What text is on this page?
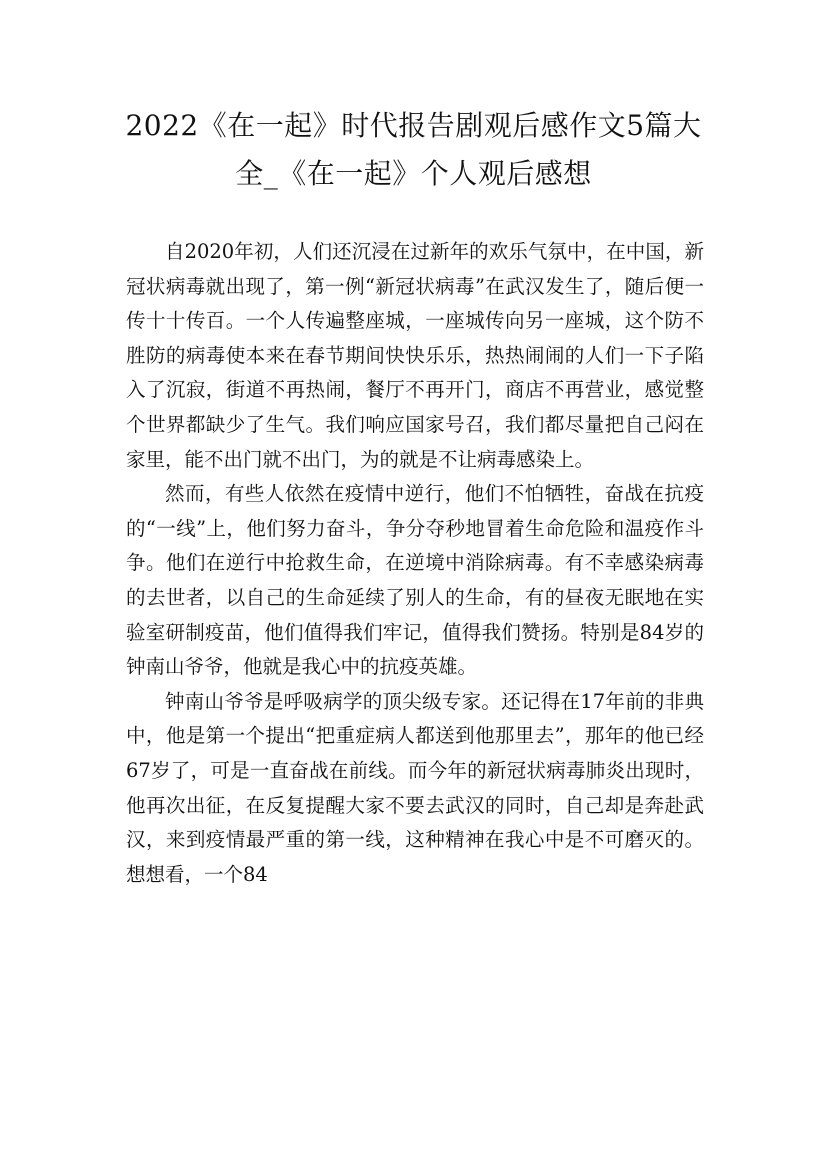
2022《在一起》时代报告剧观后感作文5篇大全_《在一起》个人观后感想

自2020年初，人们还沉浸在过新年的欢乐气氛中，在中国，新冠状病毒就出现了，第一例“新冠状病毒”在武汉发生了，随后便一传十十传百。一个人传遍整座城，一座城传向另一座城，这个防不胜防的病毒使本来在春节期间快快乐乐，热热闹闹的人们一下子陷入了沉寂，街道不再热闹，餐厅不再开门，商店不再营业，感觉整个世界都缺少了生气。我们响应国家号召，我们都尽量把自己闷在家里，能不出门就不出门，为的就是不让病毒感染上。

然而，有些人依然在疫情中逆行，他们不怕牺牲，奋战在抗疫的“一线”上，他们努力奋斗，争分夺秒地冒着生命危险和温疫作斗争。他们在逆行中抢救生命，在逆境中消除病毒。有不幸感染病毒的去世者，以自己的生命延续了别人的生命，有的昼夜无眠地在实验室研制疫苗，他们值得我们牢记，值得我们赞扬。特别是84岁的钟南山爷爷，他就是我心中的抗疫英雄。

钟南山爷爷是呼吸病学的顶尖级专家。还记得在17年前的非典中，他是第一个提出“把重症病人都送到他那里去”，那年的他已经67岁了，可是一直奋战在前线。而今年的新冠状病毒肺炎出现时，他再次出征，在反复提醒大家不要去武汉的同时，自己却是奔赴武汉，来到疫情最严重的第一线，这种精神在我心中是不可磨灭的。想想看，一个84
